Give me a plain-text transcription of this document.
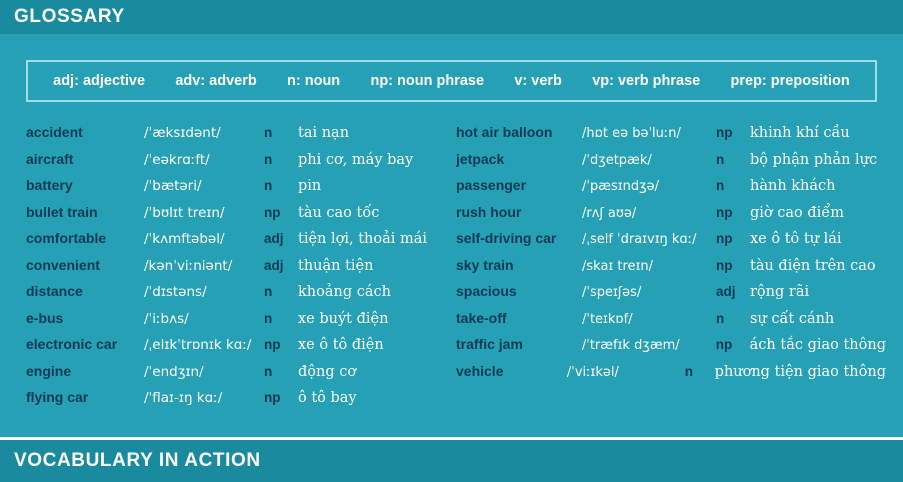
GLOSSARY
adj: adjective adv: adverb n: noun np: noun phrase v: verb vp: verb phrase prep: preposition
accident	/ˈæksɪdənt/	n	tai nạn
aircraft	/ˈeəkrɑːft/	n	phi cơ, máy bay
battery	/ˈbætəri/	n	pin
bullet train	/ˈbʊlɪt treɪn/	np	tàu cao tốc
comfortable	/ˈkʌmftəbəl/	adj tiện lợi, thoải mái
convenient	/kənˈviːniənt/	adj thuận tiện
distance	/ˈdɪstəns/	n	khoảng cách
e-bus	/ˈiːbʌs/	n	xe buýt điện
electronic car	/ˌelɪkˈtrɒnɪk kɑː/ np	xe ô tô điện
engine	/ˈendʒɪn/	n	động cơ
flying car	/ˈflaɪ-ɪŋ kɑː/	np	ô tô bay
hot air balloon	/hɒt eə bəˈluːn/	np	khinh khí cầu
jetpack	/ˈdʒetpæk/	n	bộ phận phản lực
passenger	/ˈpæsɪndʒə/	n	hành khách
rush hour	/rʌʃ aʊə/	np	giờ cao điểm
self-driving car	/ˌself ˈdraɪvɪŋ kɑː/	np	xe ô tô tự lái
sky train	/skaɪ treɪn/	np	tàu điện trên cao
spacious	/ˈspeɪʃəs/	adj rộng rãi
take-off	/ˈteɪkɒf/	n	sự cất cánh
traffic jam	/ˈtræfɪk dʒæm/	np	ách tắc giao thông
vehicle	/ˈviːɪkəl/	n	phương tiện giao thông
VOCABULARY IN ACTION
